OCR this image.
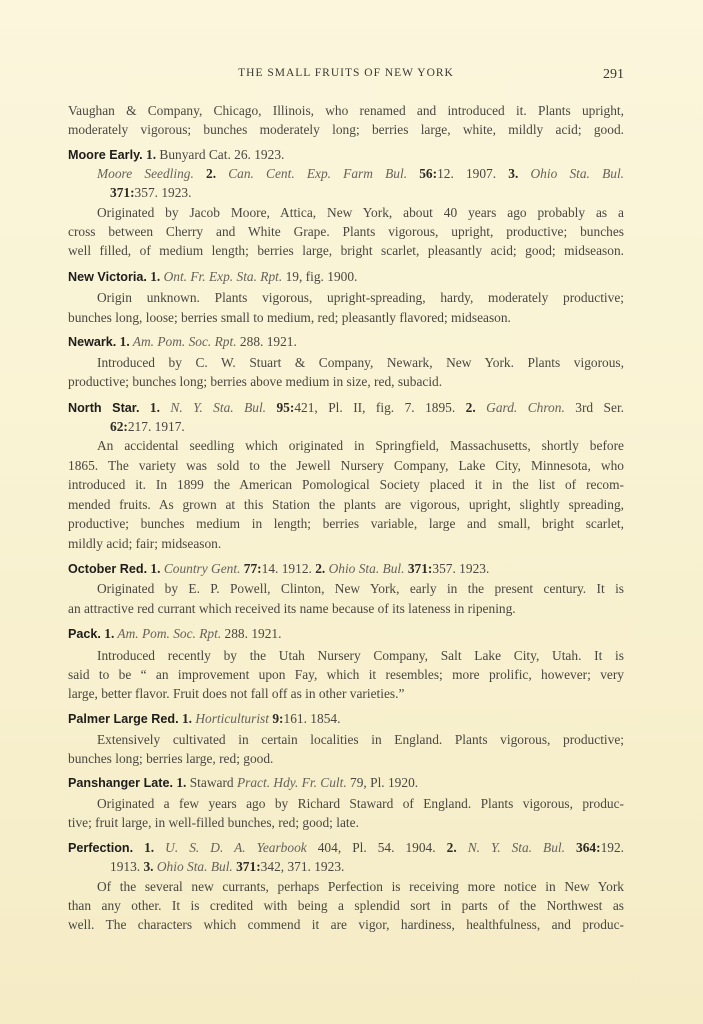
THE SMALL FRUITS OF NEW YORK	291
Vaughan & Company, Chicago, Illinois, who renamed and introduced it. Plants upright,
moderately vigorous; bunches moderately long; berries large, white, mildly acid; good.
Moore Early. 1. Bunyard Cat. 26. 1923.
Moore Seedling. 2. Can. Cent. Exp. Farm Bul. 56:12. 1907. 3. Ohio Sta. Bul.
371:357. 1923.
Originated by Jacob Moore, Attica, New York, about 40 years ago probably as a
cross between Cherry and White Grape. Plants vigorous, upright, productive; bunches
well filled, of medium length; berries large, bright scarlet, pleasantly acid; good; midseason.
New Victoria. 1. Ont. Fr. Exp. Sta. Rpt. 19, fig. 1900.
Origin unknown. Plants vigorous, upright-spreading, hardy, moderately productive;
bunches long, loose; berries small to medium, red; pleasantly flavored; midseason.
Newark. 1. Am. Pom. Soc. Rpt. 288. 1921.
Introduced by C. W. Stuart & Company, Newark, New York. Plants vigorous,
productive; bunches long; berries above medium in size, red, subacid.
North Star. 1. N. Y. Sta. Bul. 95:421, Pl. II, fig. 7. 1895. 2. Gard. Chron. 3rd Ser.
62:217. 1917.
An accidental seedling which originated in Springfield, Massachusetts, shortly before
1865. The variety was sold to the Jewell Nursery Company, Lake City, Minnesota, who
introduced it. In 1899 the American Pomological Society placed it in the list of recom-
mended fruits. As grown at this Station the plants are vigorous, upright, slightly spreading,
productive; bunches medium in length; berries variable, large and small, bright scarlet,
mildly acid; fair; midseason.
October Red. 1. Country Gent. 77:14. 1912. 2. Ohio Sta. Bul. 371:357. 1923.
Originated by E. P. Powell, Clinton, New York, early in the present century. It is
an attractive red currant which received its name because of its lateness in ripening.
Pack. 1. Am. Pom. Soc. Rpt. 288. 1921.
Introduced recently by the Utah Nursery Company, Salt Lake City, Utah. It is
said to be “ an improvement upon Fay, which it resembles; more prolific, however; very
large, better flavor. Fruit does not fall off as in other varieties.”
Palmer Large Red. 1. Horticulturist 9:161. 1854.
Extensively cultivated in certain localities in England. Plants vigorous, productive;
bunches long; berries large, red; good.
Panshanger Late. 1. Staward Pract. Hdy. Fr. Cult. 79, Pl. 1920.
Originated a few years ago by Richard Staward of England. Plants vigorous, produc-
tive; fruit large, in well-filled bunches, red; good; late.
Perfection. 1. U. S. D. A. Yearbook 404, Pl. 54. 1904. 2. N. Y. Sta. Bul. 364:192.
1913. 3. Ohio Sta. Bul. 371:342, 371. 1923.
Of the several new currants, perhaps Perfection is receiving more notice in New York
than any other. It is credited with being a splendid sort in parts of the Northwest as
well. The characters which commend it are vigor, hardiness, healthfulness, and produc-
